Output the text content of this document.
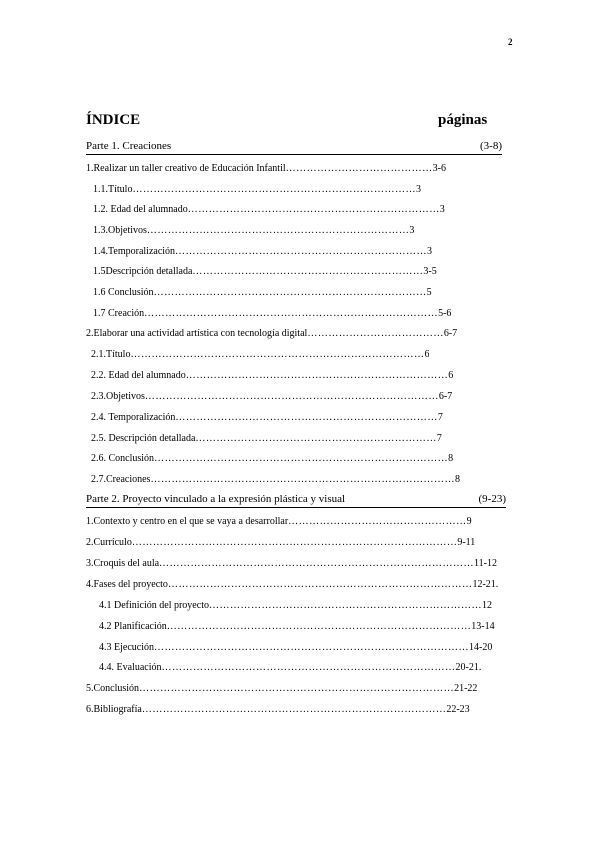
2
ÍNDICE	páginas
Parte 1. Creaciones	(3-8)
1.Realizar un taller creativo de Educación Infantil……………………………………3-6
1.1.Título………………………………………………………………………3
1.2. Edad del alumnado………………………………………………………………3
1.3.Objetivos…………………………………………………………………3
1.4.Temporalización………………………………………………………………3
1.5Descripción detallada…………………………………………………………3-5
1.6 Conclusión……………………………………………………………………5
1.7 Creación…………………………………………………………………………5-6
2.Elaborar una actividad artística con tecnología digital…………………………………6-7
2.1.Título…………………………………………………………………………6
2.2. Edad del alumnado…………………………………………………………………6
2.3.Objetivos…………………………………………………………………………6-7
2.4. Temporalización…………………………………………………………………7
2.5. Descripción detallada……………………………………………………………7
2.6. Conclusión…………………………………………………………………………8
2.7.Creaciones……………………………………………………………………………8
Parte 2. Proyecto vinculado a la expresión plástica y visual	(9-23)
1.Contexto y centro en el que se vaya a desarrollar……………………………………………9
2.Currículo…………………………………………………………………………………9-11
3.Croquis del aula………………………………………………………………………………11-12
4.Fases del proyecto……………………………………………………………………………12-21.
4.1 Definición del proyecto……………………………………………………………………12
4.2 Planificación……………………………………………………………………………13-14
4.3 Ejecución………………………………………………………………………………14-20
4.4. Evaluación…………………………………………………………………………20-21.
5.Conclusión………………………………………………………………………………21-22
6.Bibliografía……………………………………………………………………………22-23
